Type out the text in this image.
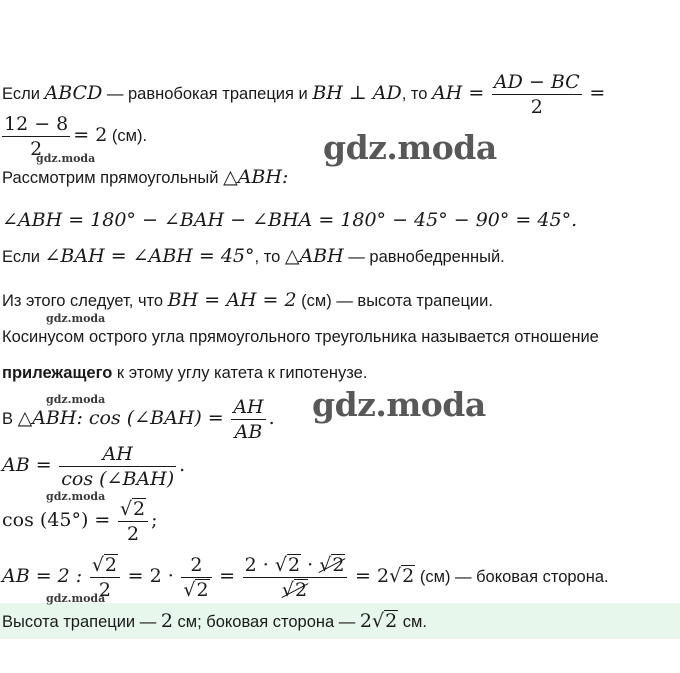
gdz.moda
gdz.moda
gdz.moda
gdz.moda
gdz.moda
gdz.moda
gdz.moda
Если ABCD — равнобокая трапеция и BH ⊥ AD, то AH = $\frac{AD - BC}{2}$ =
$\frac{12 - 8}{2} = 2$ (см).
Рассмотрим прямоугольный △ABH:
∠ABH = 180° − ∠BAH − ∠BHA = 180° − 45° − 90° = 45°.
Если ∠BAH = ∠ABH = 45°, то △ABH — равнобедренный.
Из этого следует, что BH = AH = 2 (см) — высота трапеции.
Косинусом острого угла прямоугольного треугольника называется отношение
прилежащего к этому углу катета к гипотенузе.
В △ABH: cos (∠BAH) = $\frac{AH}{AB}$ .
AB = $\frac{AH}{\text{cos (∠BAH)}}$ .
$\cos (45^\circ) = \frac{√2}{2}$ ;
AB = 2 : $\frac{√2}{2} = 2 \cdot \frac{2}{√2} = \frac{2 \cdot √2 \cdot √2}{√2} = 2√2$ (см) — боковая сторона.
Высота трапеции — 2 см; боковая сторона — 2√2 см.
